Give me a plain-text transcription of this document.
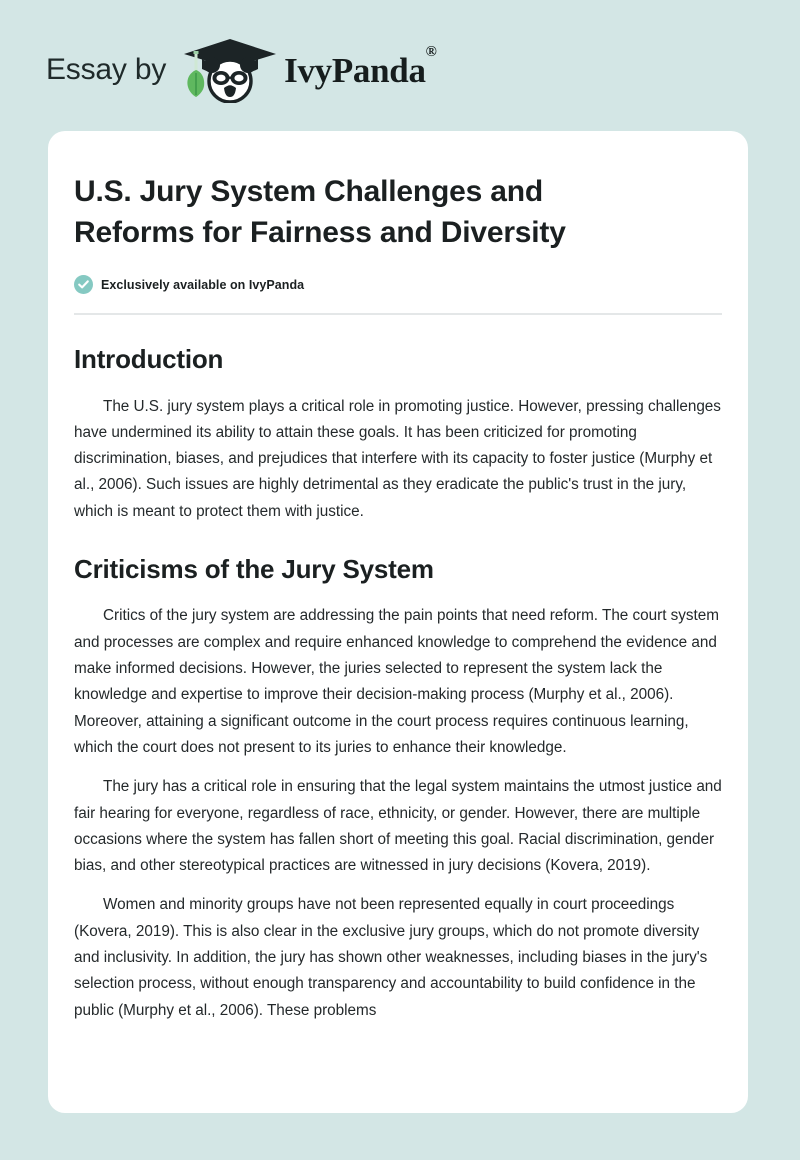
Essay by	IvyPanda®
U.S. Jury System Challenges and Reforms for Fairness and Diversity
Exclusively available on IvyPanda
Introduction

The U.S. jury system plays a critical role in promoting justice. However, pressing challenges have undermined its ability to attain these goals. It has been criticized for promoting discrimination, biases, and prejudices that interfere with its capacity to foster justice (Murphy et al., 2006). Such issues are highly detrimental as they eradicate the public's trust in the jury, which is meant to protect them with justice.

Criticisms of the Jury System

Critics of the jury system are addressing the pain points that need reform. The court system and processes are complex and require enhanced knowledge to comprehend the evidence and make informed decisions. However, the juries selected to represent the system lack the knowledge and expertise to improve their decision-making process (Murphy et al., 2006). Moreover, attaining a significant outcome in the court process requires continuous learning, which the court does not present to its juries to enhance their knowledge.

The jury has a critical role in ensuring that the legal system maintains the utmost justice and fair hearing for everyone, regardless of race, ethnicity, or gender. However, there are multiple occasions where the system has fallen short of meeting this goal. Racial discrimination, gender bias, and other stereotypical practices are witnessed in jury decisions (Kovera, 2019).

Women and minority groups have not been represented equally in court proceedings (Kovera, 2019). This is also clear in the exclusive jury groups, which do not promote diversity and inclusivity. In addition, the jury has shown other weaknesses, including biases in the jury's selection process, without enough transparency and accountability to build confidence in the public (Murphy et al., 2006). These problems
